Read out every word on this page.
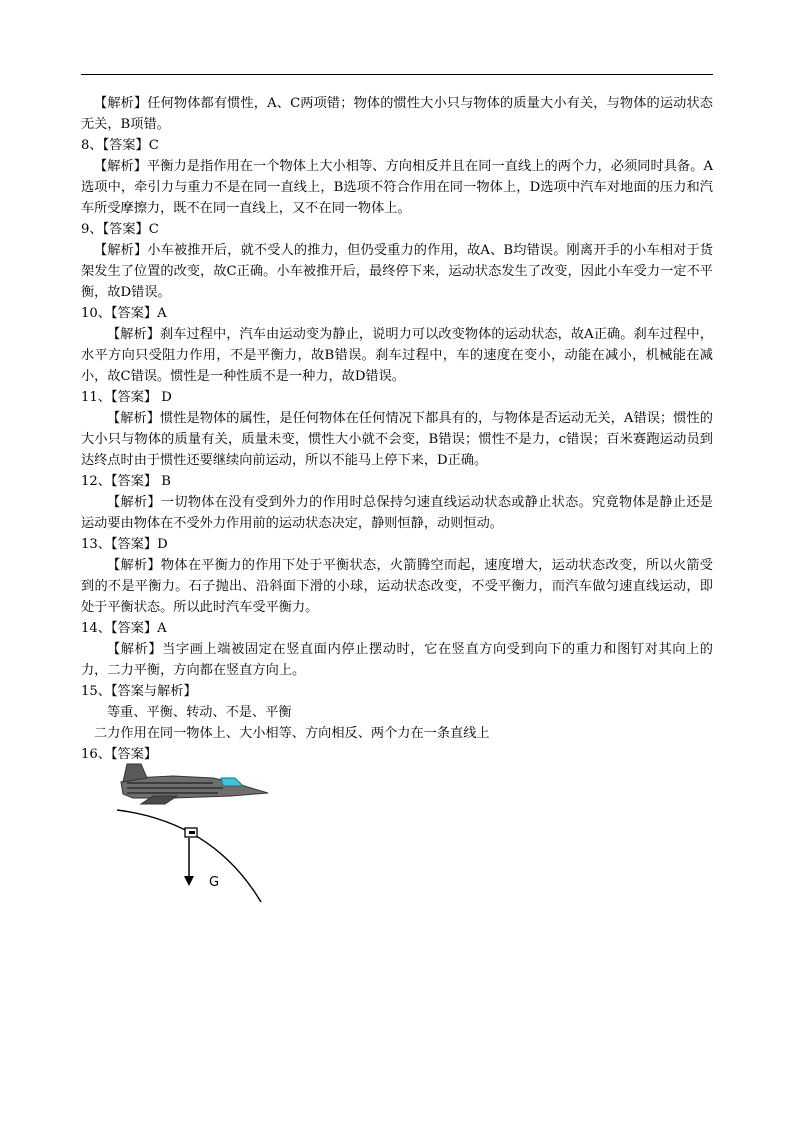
【解析】任何物体都有惯性，A、C两项错；物体的惯性大小只与物体的质量大小有关，与物体的运动状态无关，B项错。

8、【答案】C

【解析】平衡力是指作用在一个物体上大小相等、方向相反并且在同一直线上的两个力，必须同时具备。A选项中，牵引力与重力不是在同一直线上，B选项不符合作用在同一物体上，D选项中汽车对地面的压力和汽车所受摩擦力，既不在同一直线上，又不在同一物体上。

9、【答案】C

【解析】小车被推开后，就不受人的推力，但仍受重力的作用，故A、B均错误。刚离开手的小车相对于货架发生了位置的改变，故C正确。小车被推开后，最终停下来，运动状态发生了改变，因此小车受力一定不平衡，故D错误。

10、【答案】A

【解析】刹车过程中，汽车由运动变为静止，说明力可以改变物体的运动状态，故A正确。刹车过程中，水平方向只受阻力作用，不是平衡力，故B错误。刹车过程中，车的速度在变小，动能在减小，机械能在减小，故C错误。惯性是一种性质不是一种力，故D错误。

11、【答案】 D

【解析】惯性是物体的属性，是任何物体在任何情况下都具有的，与物体是否运动无关，A错误；惯性的大小只与物体的质量有关，质量未变，惯性大小就不会变，B错误；惯性不是力，c错误；百米赛跑运动员到达终点时由于惯性还要继续向前运动，所以不能马上停下来，D正确。

12、【答案】 B

【解析】一切物体在没有受到外力的作用时总保持匀速直线运动状态或静止状态。究竟物体是静止还是运动要由物体在不受外力作用前的运动状态决定，静则恒静，动则恒动。

13、【答案】D

【解析】物体在平衡力的作用下处于平衡状态，火箭腾空而起，速度增大，运动状态改变，所以火箭受到的不是平衡力。石子抛出、沿斜面下滑的小球，运动状态改变，不受平衡力，而汽车做匀速直线运动，即处于平衡状态。所以此时汽车受平衡力。

14、【答案】A

【解析】当字画上端被固定在竖直面内停止摆动时，它在竖直方向受到向下的重力和图钉对其向上的力，二力平衡，方向都在竖直方向上。

15、【答案与解析】

等重、平衡、转动、不是、平衡

二力作用在同一物体上、大小相等、方向相反、两个力在一条直线上

16、【答案】

G
